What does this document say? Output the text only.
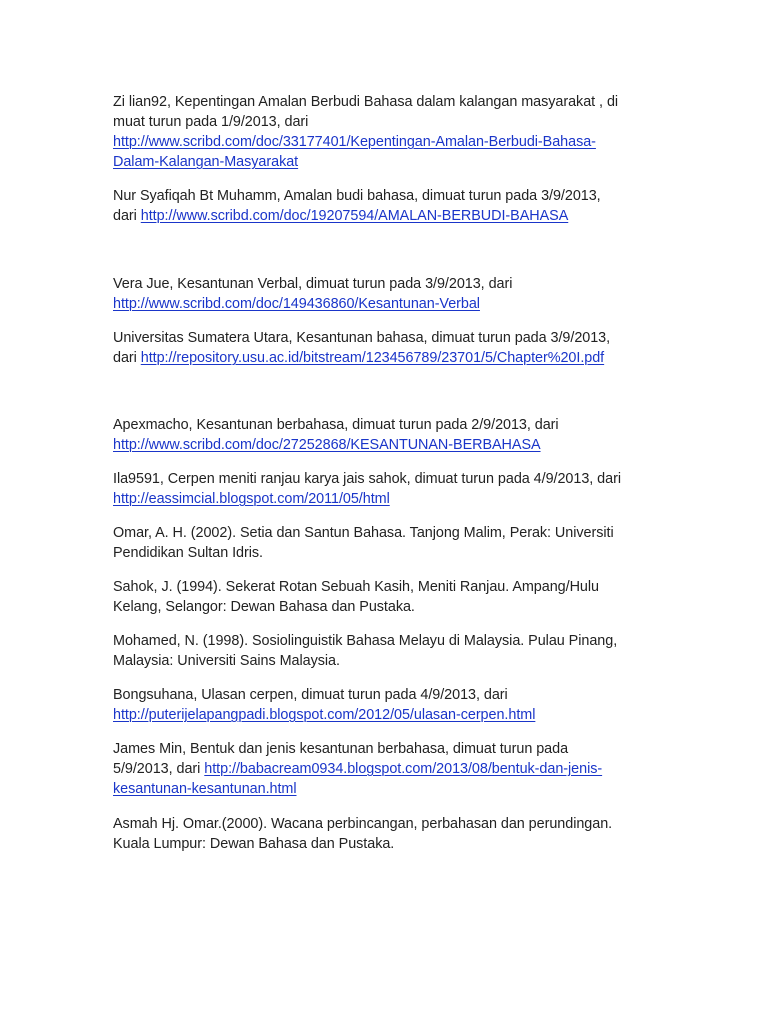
Zi lian92, Kepentingan Amalan Berbudi Bahasa dalam kalangan masyarakat , di
muat turun pada 1/9/2013, dari
http://www.scribd.com/doc/33177401/Kepentingan-Amalan-Berbudi-Bahasa-
Dalam-Kalangan-Masyarakat
Nur Syafiqah Bt Muhamm, Amalan budi bahasa, dimuat turun pada 3/9/2013,
dari http://www.scribd.com/doc/19207594/AMALAN-BERBUDI-BAHASA
Vera Jue, Kesantunan Verbal, dimuat turun pada 3/9/2013, dari
http://www.scribd.com/doc/149436860/Kesantunan-Verbal
Universitas Sumatera Utara, Kesantunan bahasa, dimuat turun pada 3/9/2013,
dari http://repository.usu.ac.id/bitstream/123456789/23701/5/Chapter%20I.pdf
Apexmacho, Kesantunan berbahasa, dimuat turun pada 2/9/2013, dari
http://www.scribd.com/doc/27252868/KESANTUNAN-BERBAHASA
Ila9591, Cerpen meniti ranjau karya jais sahok, dimuat turun pada 4/9/2013, dari
http://eassimcial.blogspot.com/2011/05/html
Omar, A. H. (2002). Setia dan Santun Bahasa. Tanjong Malim, Perak: Universiti
Pendidikan Sultan Idris.
Sahok, J. (1994). Sekerat Rotan Sebuah Kasih, Meniti Ranjau. Ampang/Hulu
Kelang, Selangor: Dewan Bahasa dan Pustaka.
Mohamed, N. (1998). Sosiolinguistik Bahasa Melayu di Malaysia. Pulau Pinang,
Malaysia: Universiti Sains Malaysia.
Bongsuhana, Ulasan cerpen, dimuat turun pada 4/9/2013, dari
http://puterijelapangpadi.blogspot.com/2012/05/ulasan-cerpen.html
James Min, Bentuk dan jenis kesantunan berbahasa, dimuat turun pada
5/9/2013, dari http://babacream0934.blogspot.com/2013/08/bentuk-dan-jenis-
kesantunan-kesantunan.html
Asmah Hj. Omar.(2000). Wacana perbincangan, perbahasan dan perundingan.
Kuala Lumpur: Dewan Bahasa dan Pustaka.
